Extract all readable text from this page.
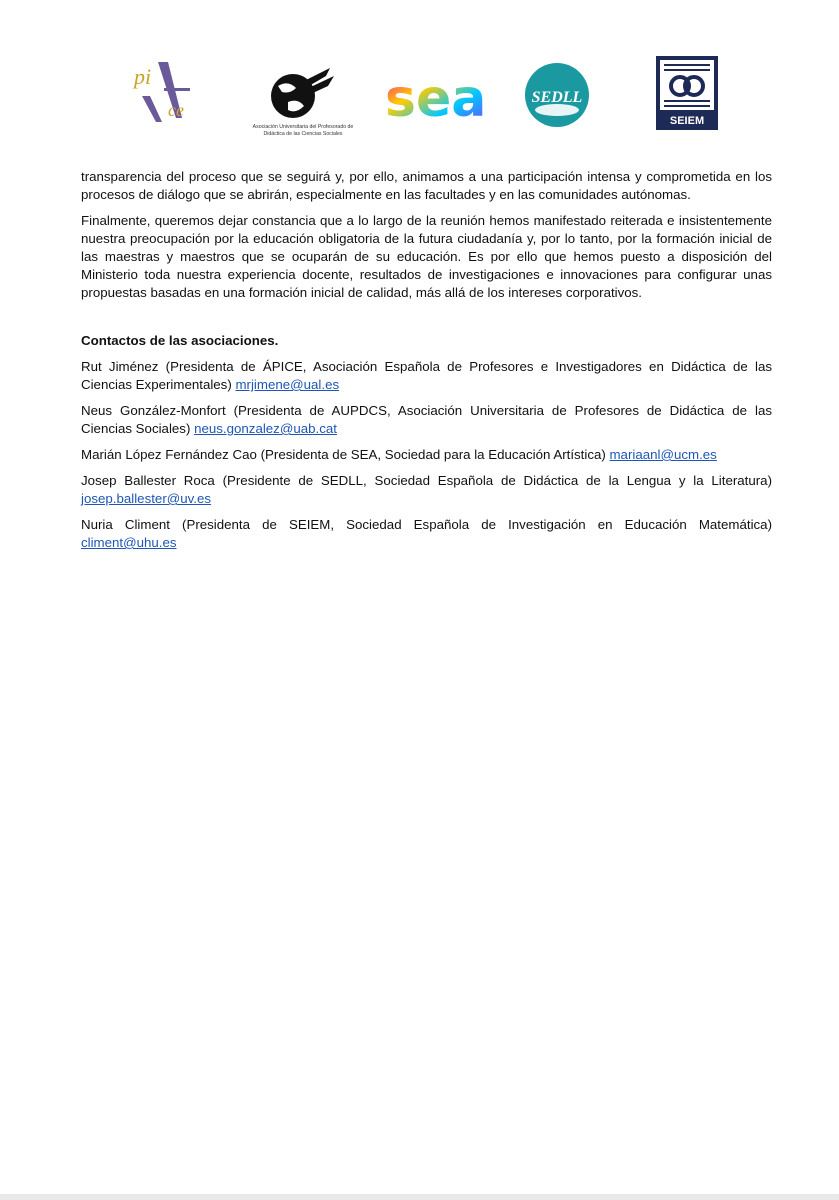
pi
ce
Asociación Universitaria del Profesorado de
Didáctica de las Ciencias Sociales
sea	SEDLL
SEIEM

transparencia del proceso que se seguirá y, por ello, animamos a una participación intensa y comprometida en los procesos de diálogo que se abrirán, especialmente en las facultades y en las comunidades autónomas.

Finalmente, queremos dejar constancia que a lo largo de la reunión hemos manifestado reiterada e insistentemente nuestra preocupación por la educación obligatoria de la futura ciudadanía y, por lo tanto, por la formación inicial de las maestras y maestros que se ocuparán de su educación. Es por ello que hemos puesto a disposición del Ministerio toda nuestra experiencia docente, resultados de investigaciones e innovaciones para configurar unas propuestas basadas en una formación inicial de calidad, más allá de los intereses corporativos.

Contactos de las asociaciones.

Rut Jiménez (Presidenta de ÁPICE, Asociación Española de Profesores e Investigadores en Didáctica de las Ciencias Experimentales) mrjimene@ual.es

Neus González-Monfort (Presidenta de AUPDCS, Asociación Universitaria de Profesores de Didáctica de las Ciencias Sociales) neus.gonzalez@uab.cat

Marián López Fernández Cao (Presidenta de SEA, Sociedad para la Educación Artística) mariaanl@ucm.es

Josep Ballester Roca (Presidente de SEDLL, Sociedad Española de Didáctica de la Lengua y la Literatura) josep.ballester@uv.es

Nuria Climent (Presidenta de SEIEM, Sociedad Española de Investigación en Educación Matemática) climent@uhu.es
